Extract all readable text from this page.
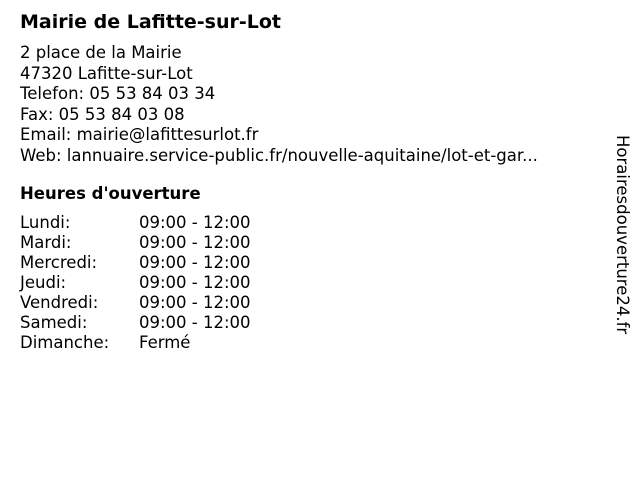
Mairie de Lafitte-sur-Lot
2 place de la Mairie
47320 Lafitte-sur-Lot
Telefon: 05 53 84 03 34
Fax: 05 53 84 03 08
Email: mairie@lafittesurlot.fr
Web: lannuaire.service-public.fr/nouvelle-aquitaine/lot-et-gar...
Heures d'ouverture
Lundi:	09:00 - 12:00
Mardi:	09:00 - 12:00
Mercredi:	09:00 - 12:00
Jeudi:	09:00 - 12:00
Vendredi: 09:00 - 12:00
Samedi:	09:00 - 12:00
Dimanche: Fermé
Horairesdouverture24.fr
